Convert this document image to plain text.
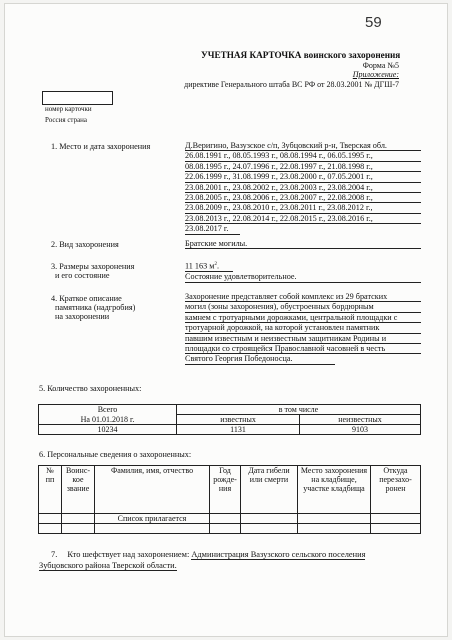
59
УЧЕТНАЯ КАРТОЧКА воинского захоронения
Форма №5
Приложение:
директиве Генерального штаба ВС РФ от 28.03.2001 № ДГШ-7
номер карточки
Россия страна
1. Место и дата захоронения	Д.Веригино, Вазузское с/п, Зубцовский р-н, Тверская обл.
26.08.1991 г., 08.05.1993 г., 08.08.1994 г., 06.05.1995 г.,
08.08.1995 г., 24.07.1996 г., 22.08.1997 г., 21.08.1998 г.,
22.06.1999 г., 31.08.1999 г., 23.08.2000 г., 07.05.2001 г.,
23.08.2001 г., 23.08.2002 г., 23.08.2003 г., 23.08.2004 г.,
23.08.2005 г., 23.08.2006 г., 23.08.2007 г., 22.08.2008 г.,
23.08.2009 г., 23.08.2010 г., 23.08.2011 г., 23.08.2012 г.,
23.08.2013 г., 22.08.2014 г., 22.08.2015 г., 23.08.2016 г.,
23.08.2017 г.
2. Вид захоронения	Братские могилы.
3. Размеры захоронения
и его состояние
11 163 $м^2$.
Состояние удовлетворительное.
4. Краткое описание
памятника (надгробия)
на захоронении
Захоронение представляет собой комплекс из 29 братских
могил (зоны захоронения), обустроенных бордюрным
камнем с тротуарными дорожками, центральной площадки с
тротуарной дорожкой, на которой установлен памятник
павшим известным и неизвестным защитникам Родины и
площадки со строящейся Православной часовней в честь
Святого Георгия Победоносца.
5. Количество захороненных:
Всего	в том числе	
На 01.01.2018 г.	известных	неизвестных
10234	1131	9103
6. Персональные сведения о захороненных:
№ пп	Воинс-кое звание	Фамилия, имя, отчество	Год рожде-ния	Дата гибели или смерти	Место захоронения на кладбище, участке кладбища	Откуда перезахо-ронен
		Список прилагается				

7. Кто шефствует над захоронением: Администрация Вазузского сельского поселения
Зубцовского района Тверской области.
